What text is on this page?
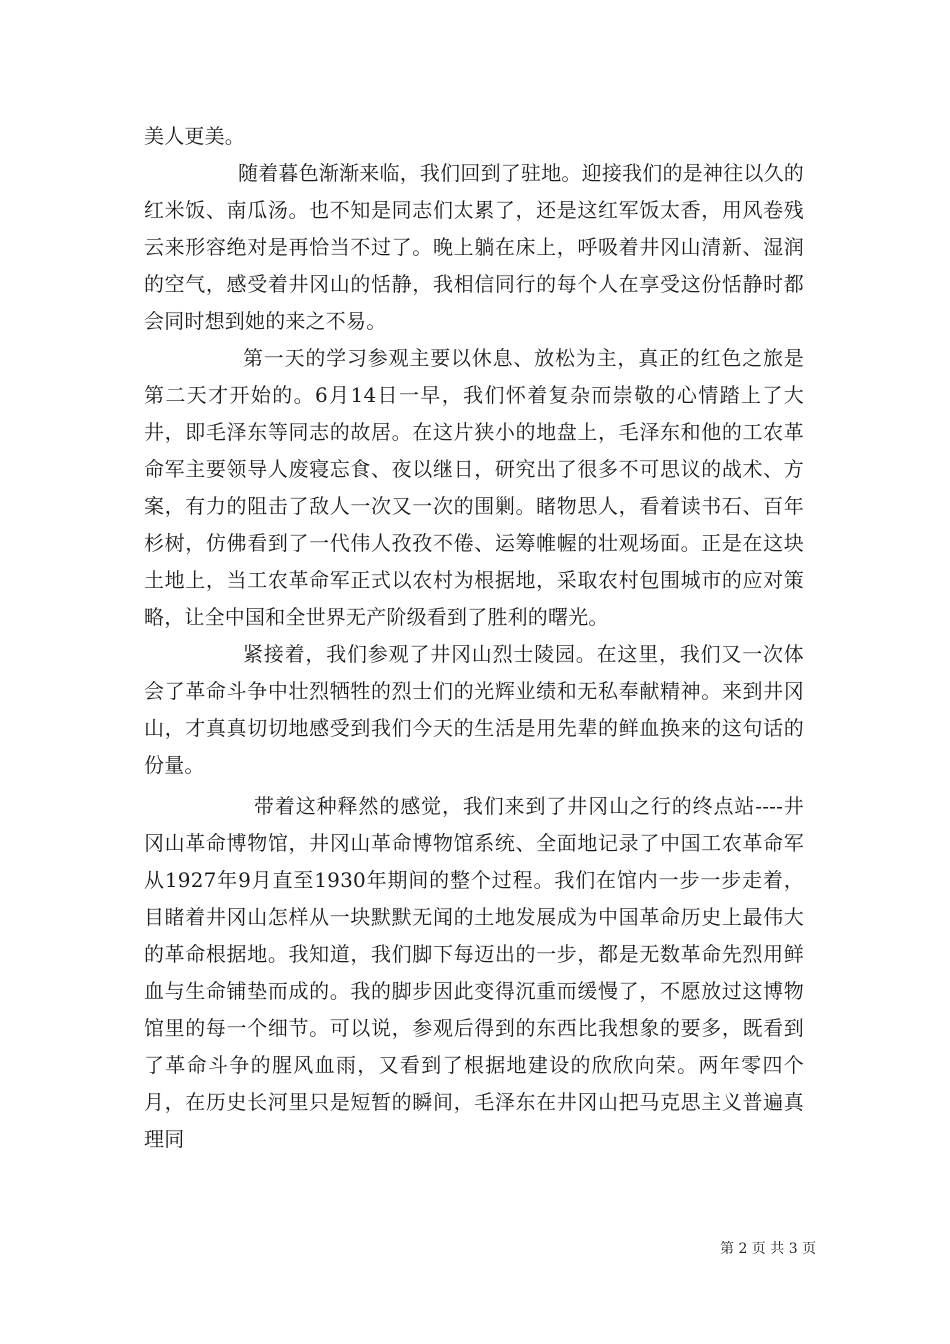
美人更美。

随着暮色渐渐来临，我们回到了驻地。迎接我们的是神往以久的红米饭、南瓜汤。也不知是同志们太累了，还是这红军饭太香，用风卷残云来形容绝对是再恰当不过了。晚上躺在床上，呼吸着井冈山清新、湿润的空气，感受着井冈山的恬静，我相信同行的每个人在享受这份恬静时都会同时想到她的来之不易。

第一天的学习参观主要以休息、放松为主，真正的红色之旅是第二天才开始的。6月14日一早，我们怀着复杂而崇敬的心情踏上了大井，即毛泽东等同志的故居。在这片狭小的地盘上，毛泽东和他的工农革命军主要领导人废寝忘食、夜以继日，研究出了很多不可思议的战术、方案，有力的阻击了敌人一次又一次的围剿。睹物思人，看着读书石、百年杉树，仿佛看到了一代伟人孜孜不倦、运筹帷幄的壮观场面。正是在这块土地上，当工农革命军正式以农村为根据地，采取农村包围城市的应对策略，让全中国和全世界无产阶级看到了胜利的曙光。

紧接着，我们参观了井冈山烈士陵园。在这里，我们又一次体会了革命斗争中壮烈牺牲的烈士们的光辉业绩和无私奉献精神。来到井冈山，才真真切切地感受到我们今天的生活是用先辈的鲜血换来的这句话的份量。

带着这种释然的感觉，我们来到了井冈山之行的终点站----井冈山革命博物馆，井冈山革命博物馆系统、全面地记录了中国工农革命军从1927年9月直至1930年期间的整个过程。我们在馆内一步一步走着，目睹着井冈山怎样从一块默默无闻的土地发展成为中国革命历史上最伟大的革命根据地。我知道，我们脚下每迈出的一步，都是无数革命先烈用鲜血与生命铺垫而成的。我的脚步因此变得沉重而缓慢了，不愿放过这博物馆里的每一个细节。可以说，参观后得到的东西比我想象的要多，既看到了革命斗争的腥风血雨，又看到了根据地建设的欣欣向荣。两年零四个月，在历史长河里只是短暂的瞬间，毛泽东在井冈山把马克思主义普遍真理同

第 2 页 共 3 页
